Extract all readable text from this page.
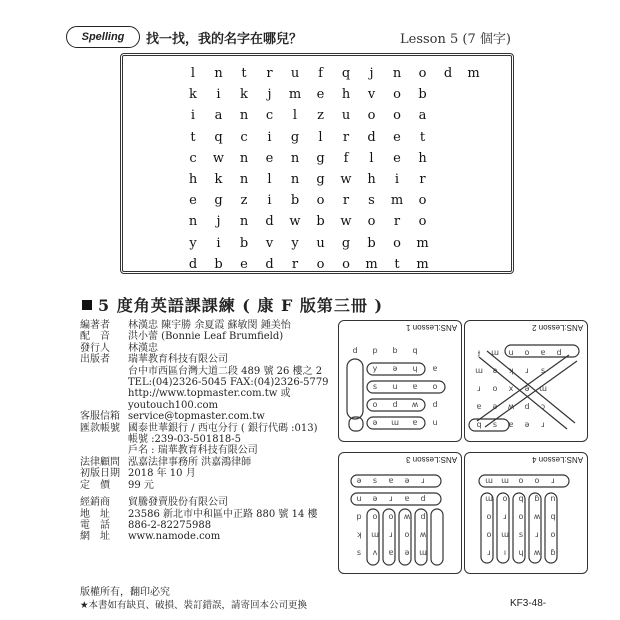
Spelling	找一找，我的名字在哪兒？	Lesson 5 (7 個字)
l	n	t	r	u	f	q	j	n	o	d	m
k	i	k	j	m	e	h	v	o	b
i	a	n	c	l	z	u	o	o	a
t	q	c	i	g	l	r	d	e	t
c	w	n	e	n	g	f	l	e	h
h	k	n	l	n	g	w	h	i	r
e	g	z	i	b	o	r	s	m	o
n	j	n	d	w	b	w	o	r	o
y	i	b	v	y	u	g	b	o	m
d	b	e	d	r	o	o	m	t	m
5 度角英語課課練 ( 康 F 版第三冊 )
編著者	林漢忠 陳宇勝 余夏霞 蘇敏閔 鍾美怡
配　音	洪小蕾 (Bonnie Leaf Brumfield)
發行人	林漢忠
出版者	瑞華教育科技有限公司
台中市西區台灣大道二段 489 號 26 樓之 2
TEL:(04)2326-5045 FAX:(04)2326-5779
http://www.topmaster.com.tw 或
youtouch100.com
客服信箱 service@topmaster.com.tw
匯款帳號 國泰世華銀行 / 西屯分行 ( 銀行代碼 :013)
帳號 :239-03-501818-5
戶名 : 瑞華教育科技有限公司
法律顧問 泓嘉法律事務所 洪嘉鴻律師
初版日期 2018 年 10 月
定　價	99 元
經銷商	貿騰發賣股份有限公司
地　址	23586 新北市中和區中正路 880 號 14 樓
電　話	886-2-82275988
網　址	www.namode.com
版權所有，翻印必究
★本書如有缺頁、破損、裝訂錯誤，請寄回本公司更換	KF3-48-
ANS:Lesson 1
d p b q
y ǝ ɥ ɐ
s u ɐ o
o d ʍ d
ǝ ɯ ɐ u
ANS:Lesson 2
ɟ ɯ u o ɐ d
ɯ ǝ ʞ ɹ s
ɹ o x ǝ ɯ
ɐ ǝ ʍ d ɔ
q s ɐ ǝ ɹ
ANS:Lesson 3
ǝ s ɐ ǝ ɹ
u ǝ ɹ ɐ d
p o o ʍ d
ʞ ɯ ɹ o ʍ
s ʌ ɐ ǝ ɯ
ANS:Lesson 4
ɯ ɯ o o ɹ
ɯ o q ɓ n
o ɹ o ʍ q
o ɯ s ɹ o
ɹ ı ɥ ʍ ɓ
